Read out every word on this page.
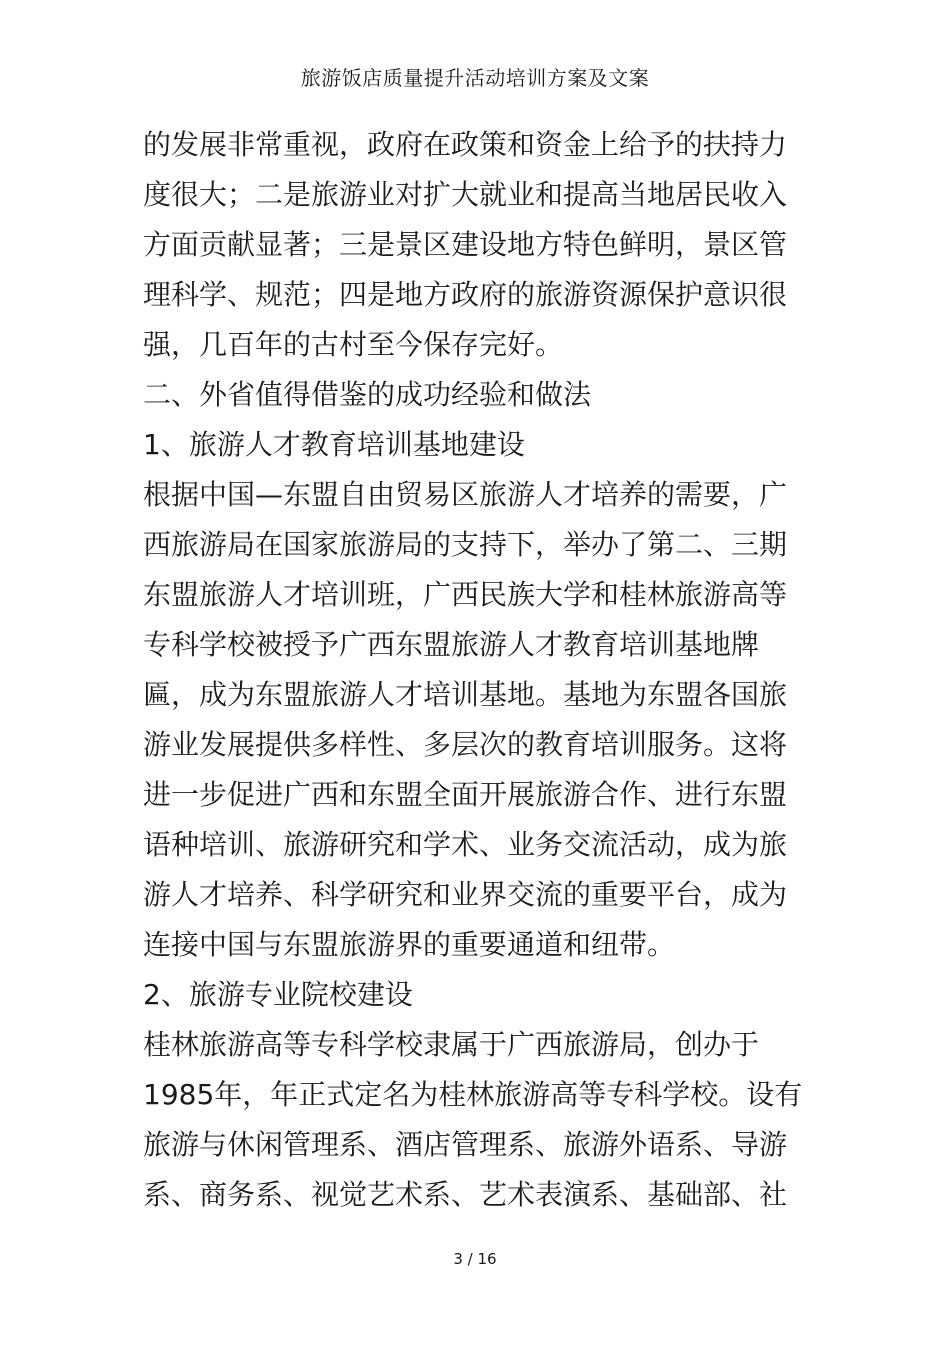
旅游饭店质量提升活动培训方案及文案
的发展非常重视，政府在政策和资金上给予的扶持力
度很大；二是旅游业对扩大就业和提高当地居民收入
方面贡献显著；三是景区建设地方特色鲜明，景区管
理科学、规范；四是地方政府的旅游资源保护意识很
强，几百年的古村至今保存完好。
二、外省值得借鉴的成功经验和做法
1、旅游人才教育培训基地建设
根据中国—东盟自由贸易区旅游人才培养的需要，广
西旅游局在国家旅游局的支持下，举办了第二、三期
东盟旅游人才培训班，广西民族大学和桂林旅游高等
专科学校被授予广西东盟旅游人才教育培训基地牌
匾，成为东盟旅游人才培训基地。基地为东盟各国旅
游业发展提供多样性、多层次的教育培训服务。这将
进一步促进广西和东盟全面开展旅游合作、进行东盟
语种培训、旅游研究和学术、业务交流活动，成为旅
游人才培养、科学研究和业界交流的重要平台，成为
连接中国与东盟旅游界的重要通道和纽带。
2、旅游专业院校建设
桂林旅游高等专科学校隶属于广西旅游局，创办于
1985年，年正式定名为桂林旅游高等专科学校。设有
旅游与休闲管理系、酒店管理系、旅游外语系、导游
系、商务系、视觉艺术系、艺术表演系、基础部、社
3 / 16
